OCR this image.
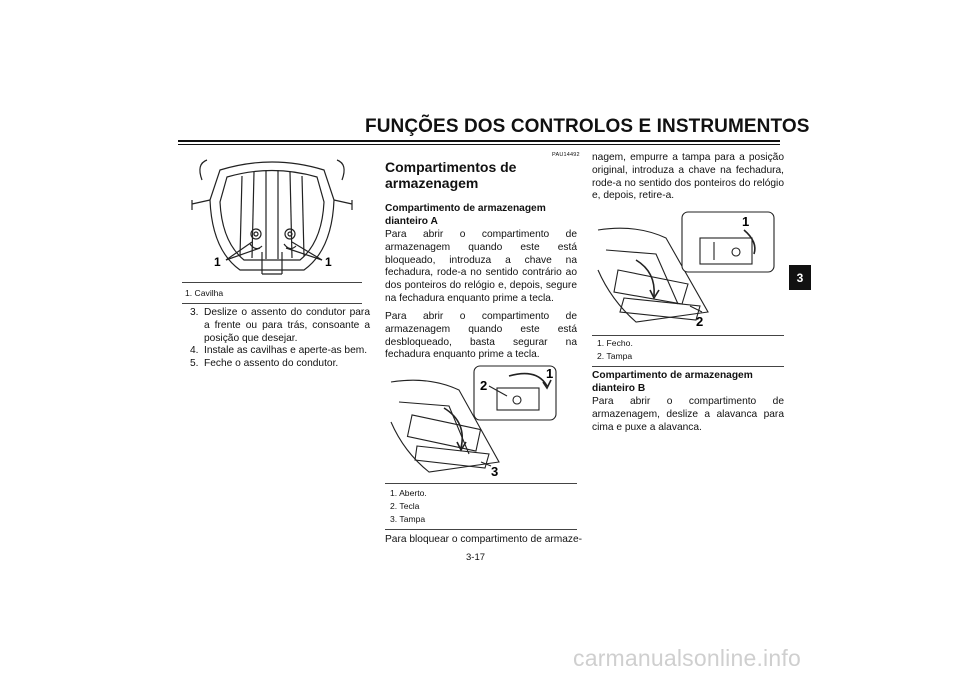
FUNÇÕES DOS CONTROLOS E INSTRUMENTOS
3
1	1
1. Cavilha
3. Deslize o assento do condutor para a frente ou para trás, consoante a posição que desejar.
4. Instale as cavilhas e aperte-as bem.
5. Feche o assento do condutor.
PAU14492
Compartimentos de armazenagem
Compartimento de armazenagem dianteiro A
Para abrir o compartimento de armazenagem quando este está bloqueado, introduza a chave na fechadura, rode-a no sentido contrário ao dos ponteiros do relógio e, depois, segure na fechadura enquanto prime a tecla.
Para abrir o compartimento de armazenagem quando este está desbloqueado, basta segurar na fechadura enquanto prime a tecla.
2
1
3
1. Aberto.
2. Tecla
3. Tampa
Para bloquear o compartimento de armaze-
nagem, empurre a tampa para a posição original, introduza a chave na fechadura, rode-a no sentido dos ponteiros do relógio e, depois, retire-a.
1
2
1. Fecho.
2. Tampa
Compartimento de armazenagem dianteiro B
Para abrir o compartimento de armazenagem, deslize a alavanca para cima e puxe a alavanca.
3-17
carmanualsonline.info
